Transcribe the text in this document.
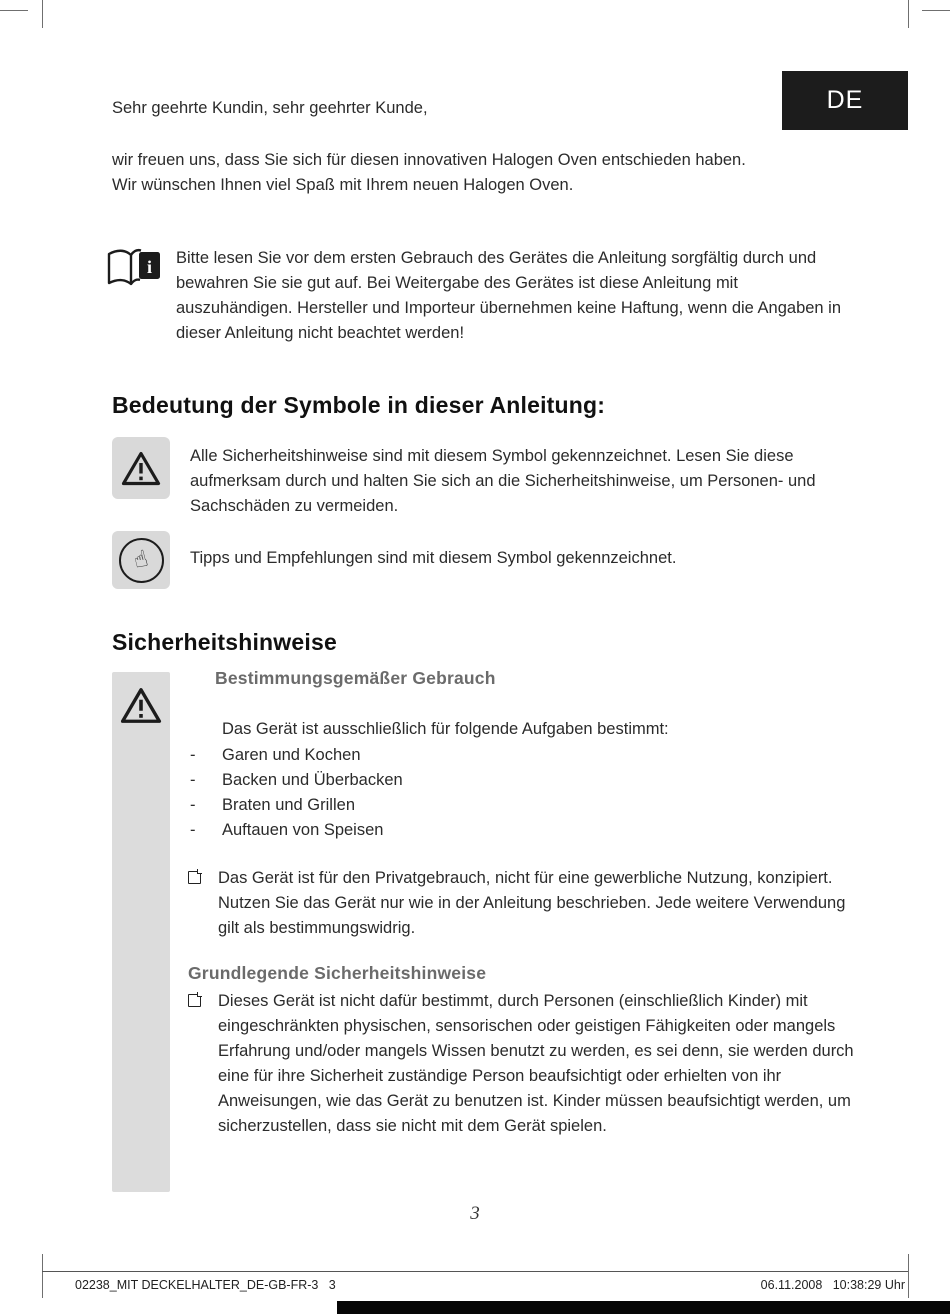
DE

Sehr geehrte Kundin, sehr geehrter Kunde,

wir freuen uns, dass Sie sich für diesen innovativen Halogen Oven entschieden haben.
Wir wünschen Ihnen viel Spaß mit Ihrem neuen Halogen Oven.
i Bitte lesen Sie vor dem ersten Gebrauch des Gerätes die Anleitung sorgfältig durch und bewahren Sie sie gut auf. Bei Weitergabe des Gerätes ist diese Anleitung mit auszuhändigen. Hersteller und Importeur übernehmen keine Haftung, wenn die Angaben in dieser Anleitung nicht beachtet werden!

Bedeutung der Symbole in dieser Anleitung:

Alle Sicherheitshinweise sind mit diesem Symbol gekennzeichnet. Lesen Sie diese aufmerksam durch und halten Sie sich an die Sicherheitshinweise, um Personen- und Sachschäden zu vermeiden.

☝ Tipps und Empfehlungen sind mit diesem Symbol gekennzeichnet.

Sicherheitshinweise
Bestimmungsgemäßer Gebrauch

Das Gerät ist ausschließlich für folgende Aufgaben bestimmt:

- Garen und Kochen
- Backen und Überbacken
- Braten und Grillen
- Auftauen von Speisen
Das Gerät ist für den Privatgebrauch, nicht für eine gewerbliche Nutzung, konzipiert. Nutzen Sie das Gerät nur wie in der Anleitung beschrieben. Jede weitere Verwendung gilt als bestimmungswidrig.
Grundlegende Sicherheitshinweise
Dieses Gerät ist nicht dafür bestimmt, durch Personen (einschließlich Kinder) mit eingeschränkten physischen, sensorischen oder geistigen Fähigkeiten oder mangels Erfahrung und/oder mangels Wissen benutzt zu werden, es sei denn, sie werden durch eine für ihre Sicherheit zuständige Person beaufsichtigt oder erhielten von ihr Anweisungen, wie das Gerät zu benutzen ist. Kinder müssen beaufsichtigt werden, um sicherzustellen, dass sie nicht mit dem Gerät spielen.
3
02238_MIT DECKELHALTER_DE-GB-FR-3   3	06.11.2008   10:38:29 Uhr
